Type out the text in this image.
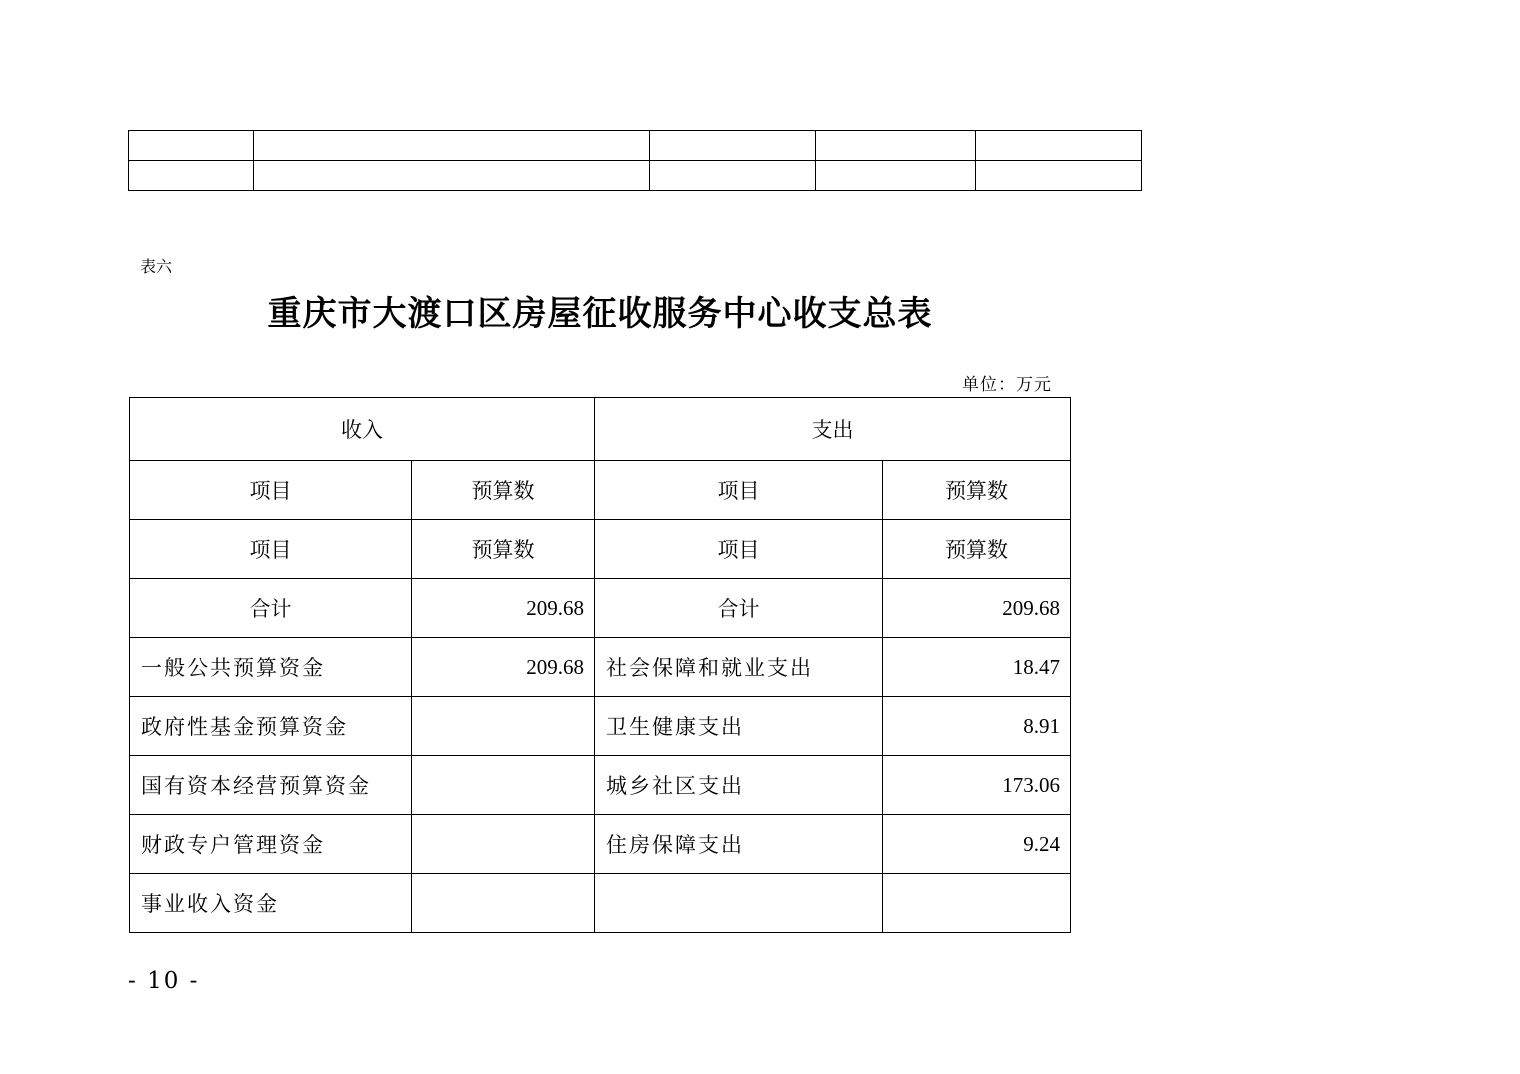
表六
重庆市大渡口区房屋征收服务中心收支总表
单位：万元
收入		支出	
项目	预算数	项目	预算数
项目	预算数	项目	预算数
合计	209.68	合计	209.68
一般公共预算资金	209.68	社会保障和就业支出	18.47
政府性基金预算资金		卫生健康支出	8.91
国有资本经营预算资金		城乡社区支出	173.06
财政专户管理资金		住房保障支出	9.24
事业收入资金			
- 10 -
